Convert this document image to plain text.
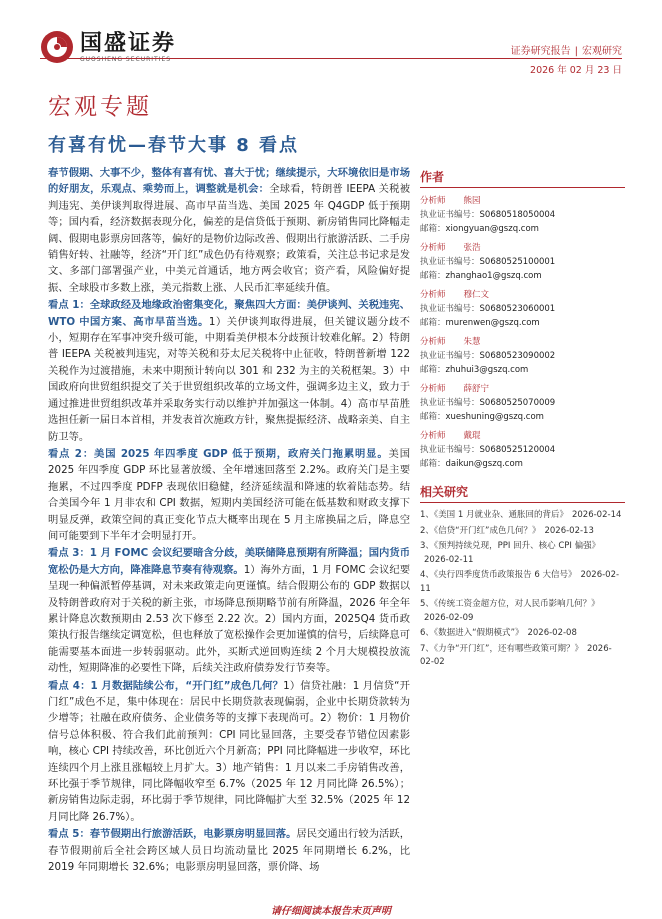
国盛证券
GUOSHENG SECURITIES
证券研究报告 | 宏观研究
2026 年 02 月 23 日
宏观专题
有喜有忧—春节大事 8 看点

春节假期、大事不少，整体有喜有忧、喜大于忧；继续提示，大环境依旧是市场的好朋友，乐观点、乘势而上，调整就是机会：全球看，特朗普 IEEPA 关税被判违宪、美伊谈判取得进展、高市早苗当选、美国 2025 年 Q4GDP 低于预期等；国内看，经济数据表现分化，偏差的是信贷低于预期、新房销售同比降幅走阔、假期电影票房回落等，偏好的是物价边际改善、假期出行旅游活跃、二手房销售好转、社融等，经济“开门红”成色仍有待观察；政策看，关注总书记求是发文、多部门部署强产业，中美元首通话，地方两会收官；资产看，风险偏好提振、全球股市多数上涨，美元指数上涨、人民币汇率延续升值。

看点 1：全球政经及地缘政治密集变化，聚焦四大方面：美伊谈判、关税违宪、WTO 中国方案、高市早苗当选。1）关伊谈判取得进展，但关键议题分歧不小，短期存在军事冲突升级可能，中期看美伊根本分歧预计较难化解。2）特朗普 IEEPA 关税被判违宪，对等关税和芬太尼关税将中止征收，特朗普新增 122 关税作为过渡措施，未来中期预计转向以 301 和 232 为主的关税框架。3）中国政府向世贸组织提交了关于世贸组织改革的立场文件，强调多边主义，致力于通过推进世贸组织改革并采取务实行动以维护并加强这一体制。4）高市早苗胜选担任新一届日本首相，并发表首次施政方针，聚焦提振经济、战略亲美、自主防卫等。

看点 2：美国 2025 年四季度 GDP 低于预期，政府关门拖累明显。美国 2025 年四季度 GDP 环比显著放缓、全年增速回落至 2.2%。政府关门是主要拖累，不过四季度 PDFP 表现依旧稳健，经济延续温和降速的软着陆态势。结合美国今年 1 月非农和 CPI 数据，短期内美国经济可能在低基数和财政支撑下明显反弹，政策空间的真正变化节点大概率出现在 5 月主席换届之后，降息空间可能要到下半年才会明显打开。

看点 3：1 月 FOMC 会议纪要暗含分歧，美联储降息预期有所降温；国内货币宽松仍是大方向，降准降息节奏有待观察。1）海外方面，1 月 FOMC 会议纪要呈现一种偏派暂停基调，对未来政策走向更谨慎。结合假期公布的 GDP 数据以及特朗普政府对于关税的新主张，市场降息预期略节前有所降温，2026 年全年累计降息次数预期由 2.53 次下修至 2.22 次。2）国内方面，2025Q4 货币政策执行报告继续定调宽松，但也释放了宽松操作会更加谨慎的信号，后续降息可能需要基本面进一步转弱驱动。此外，买断式逆回购连续 2 个月大规模投放流动性，短期降准的必要性下降，后续关注政府债券发行节奏等。

看点 4：1 月数据陆续公布，“开门红”成色几何？1）信贷社融：1 月信贷“开门红”成色不足，集中体现在：居民中长期贷款表现偏弱，企业中长期贷款转为少增等；社融在政府债务、企业债务等的支撑下表现尚可。2）物价：1 月物价信号总体积极、符合我们此前预判：CPI 同比显回落，主要受春节错位因素影响，核心 CPI 持续改善，环比创近六个月新高；PPI 同比降幅进一步收窄，环比连续四个月上涨且涨幅较上月扩大。3）地产销售：1 月以来二手房销售改善，环比强于季节规律，同比降幅收窄至 6.7%（2025 年 12 月同比降 26.5%）；新房销售边际走弱，环比弱于季节规律，同比降幅扩大至 32.5%（2025 年 12 月同比降 26.7%）。

看点 5：春节假期出行旅游活跃，电影票房明显回落。居民交通出行较为活跃，春节假期前后全社会跨区域人员日均流动量比 2025 年同期增长 6.2%，比 2019 年同期增长 32.6%；电影票房明显回落，票价降、场

作者
分析师 熊园
执业证书编号：S0680518050004
邮箱：xiongyuan@gszq.com
分析师 张浩
执业证书编号：S0680525100001
邮箱：zhanghao1@gszq.com
分析师 穆仁文
执业证书编号：S0680523060001
邮箱：murenwen@gszq.com
分析师 朱慧
执业证书编号：S0680523090002
邮箱：zhuhui3@gszq.com
分析师 薛舒宁
执业证书编号：S0680525070009
邮箱：xueshuning@gszq.com
分析师 戴琨
执业证书编号：S0680525120004
邮箱：daikun@gszq.com
相关研究
1、《美国 1 月就业杂、通胀回的背后》 2026-02-14
2、《信贷“开门红”成色几何？》 2026-02-13
3、《预判持续兑现，PPI 回升、核心 CPI 偏强》2026-02-11
4、《央行四季度货币政策报告 6 大信号》 2026-02-11
5、《传统工资金超方位，对人民币影响几何？》2026-02-09
6、《数据进入“假期模式”》 2026-02-08
7、《力争“开门红”，还有哪些政策可期？》 2026-02-02
请仔细阅读本报告末页声明
